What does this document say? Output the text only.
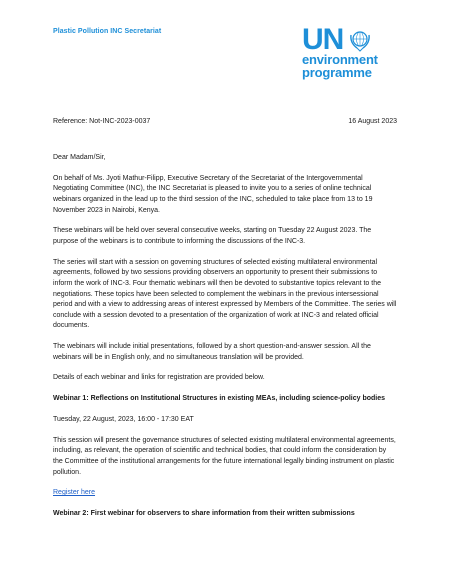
Plastic Pollution INC Secretariat	UN
environment
programme
Reference: Not-INC-2023-0037	16 August 2023

Dear Madam/Sir,

On behalf of Ms. Jyoti Mathur-Filipp, Executive Secretary of the Secretariat of the Intergovernmental Negotiating Committee (INC), the INC Secretariat is pleased to invite you to a series of online technical webinars organized in the lead up to the third session of the INC, scheduled to take place from 13 to 19 November 2023 in Nairobi, Kenya.

These webinars will be held over several consecutive weeks, starting on Tuesday 22 August 2023. The purpose of the webinars is to contribute to informing the discussions of the INC-3.

The series will start with a session on governing structures of selected existing multilateral environmental agreements, followed by two sessions providing observers an opportunity to present their submissions to inform the work of INC-3. Four thematic webinars will then be devoted to substantive topics relevant to the negotiations. These topics have been selected to complement the webinars in the previous intersessional period and with a view to addressing areas of interest expressed by Members of the Committee. The series will conclude with a session devoted to a presentation of the organization of work at INC-3 and related official documents.

The webinars will include initial presentations, followed by a short question-and-answer session. All the webinars will be in English only, and no simultaneous translation will be provided.

Details of each webinar and links for registration are provided below.

Webinar 1: Reflections on Institutional Structures in existing MEAs, including science-policy bodies

Tuesday, 22 August, 2023, 16:00 - 17:30 EAT

This session will present the governance structures of selected existing multilateral environmental agreements, including, as relevant, the operation of scientific and technical bodies, that could inform the consideration by the Committee of the institutional arrangements for the future international legally binding instrument on plastic pollution.

Register here

Webinar 2: First webinar for observers to share information from their written submissions
